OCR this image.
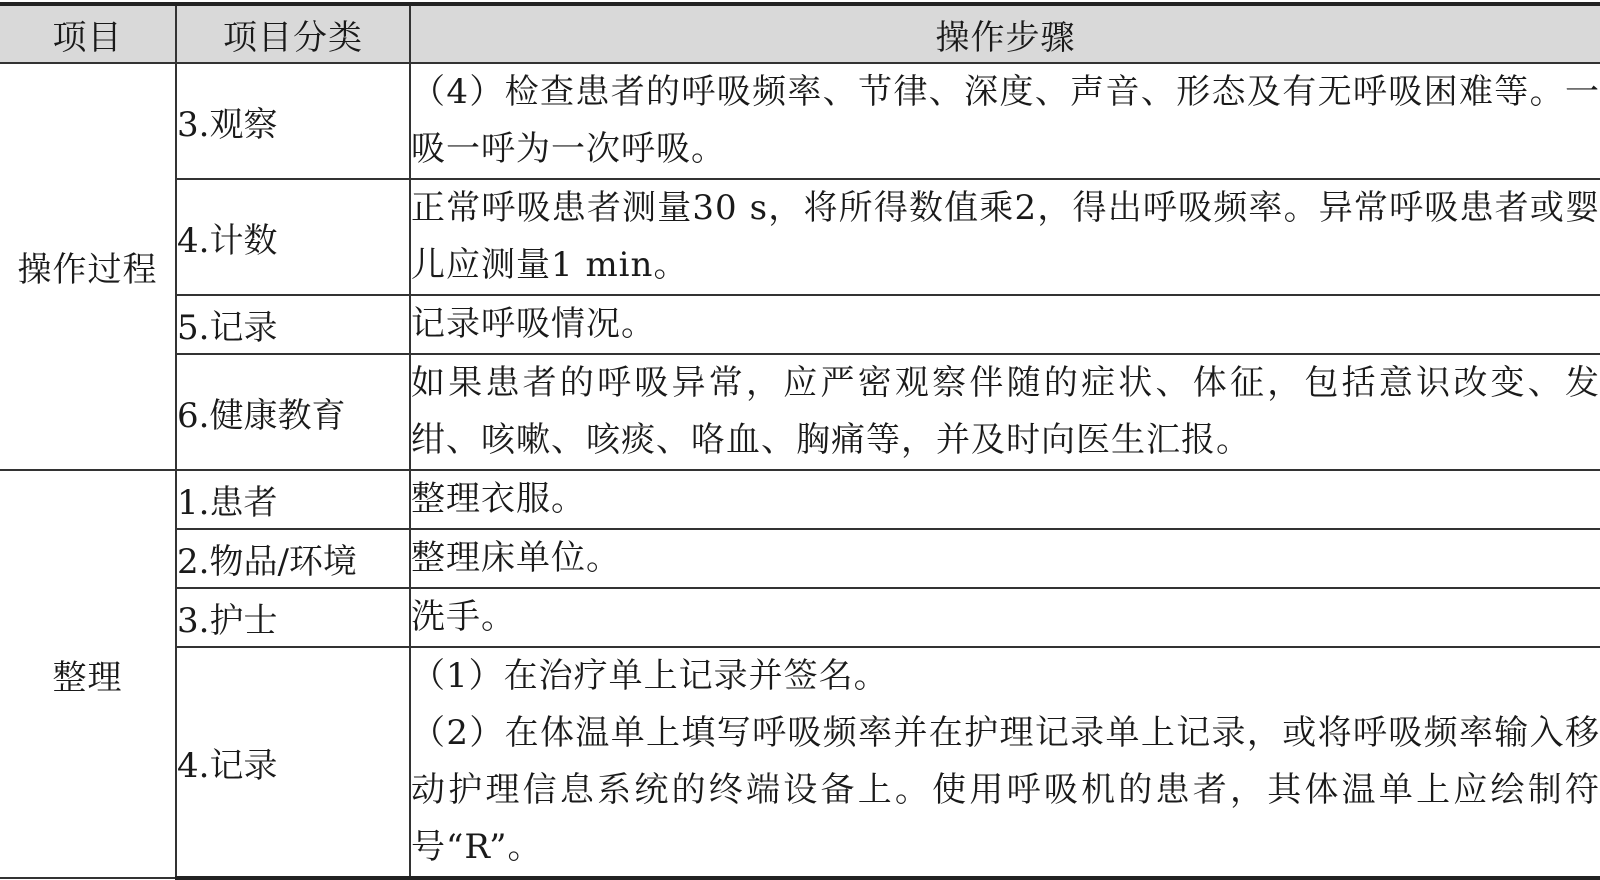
项目	项目分类	操作步骤
操作过程	3.观察	（4）检查患者的呼吸频率、节律、深度、声音、形态及有无呼吸困难等。一吸一呼为一次呼吸。

	4.计数	正常呼吸患者测量30 s，将所得数值乘2，得出呼吸频率。异常呼吸患者或婴儿应测量1 min。

	5.记录	记录呼吸情况。

	6.健康教育	如果患者的呼吸异常，应严密观察伴随的症状、体征，包括意识改变、发绀、咳嗽、咳痰、咯血、胸痛等，并及时向医生汇报。

整理	1.患者	整理衣服。

	2.物品/环境	整理床单位。

	3.护士	洗手。

	4.记录	（1）在治疗单上记录并签名。
（2）在体温单上填写呼吸频率并在护理记录单上记录，或将呼吸频率输入移动护理信息系统的终端设备上。使用呼吸机的患者，其体温单上应绘制符号“R”。
